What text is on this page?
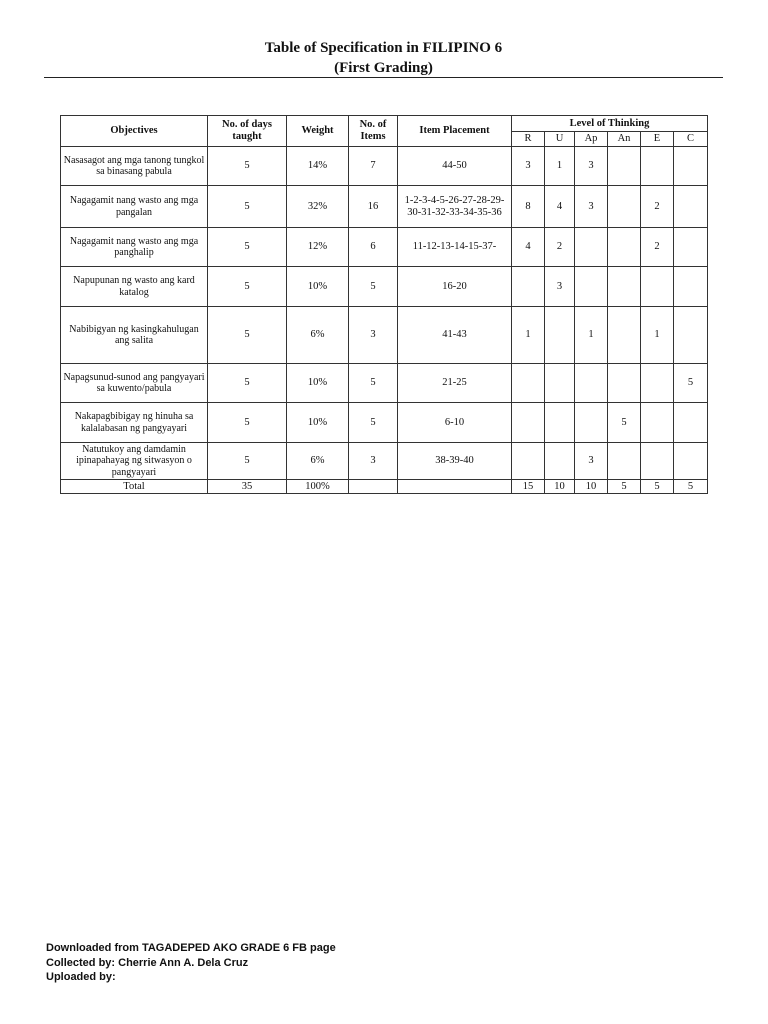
Table of Specification in FILIPINO 6
(First Grading)
Objectives	No. of days taught	Weight	No. of Items	Item Placement	Level of Thinking					
					R	U	Ap	An	E	C
Nasasagot ang mga tanong tungkol sa binasang pabula	5	14%	7	44-50	3	1	3			
Nagagamit nang wasto ang mga pangalan	5	32%	16	1-2-3-4-5-26-27-28-29-30-31-32-33-34-35-36	8	4	3		2	
Nagagamit nang wasto ang mga panghalip	5	12%	6	11-12-13-14-15-37-	4	2			2	
Napupunan ng wasto ang kard katalog	5	10%	5	16-20		3				
Nabibigyan ng kasingkahulugan ang salita	5	6%	3	41-43	1		1		1	
Napagsunud-sunod ang pangyayari sa kuwento/pabula	5	10%	5	21-25						5
Nakapagbibigay ng hinuha sa kalalabasan ng pangyayari	5	10%	5	6-10				5		
Natutukoy ang damdamin ipinapahayag ng sitwasyon o pangyayari	5	6%	3	38-39-40			3			
Total	35	100%			15	10	10	5	5	5
Downloaded from TAGADEPED AKO GRADE 6 FB page
Collected by: Cherrie Ann A. Dela Cruz
Uploaded by:
